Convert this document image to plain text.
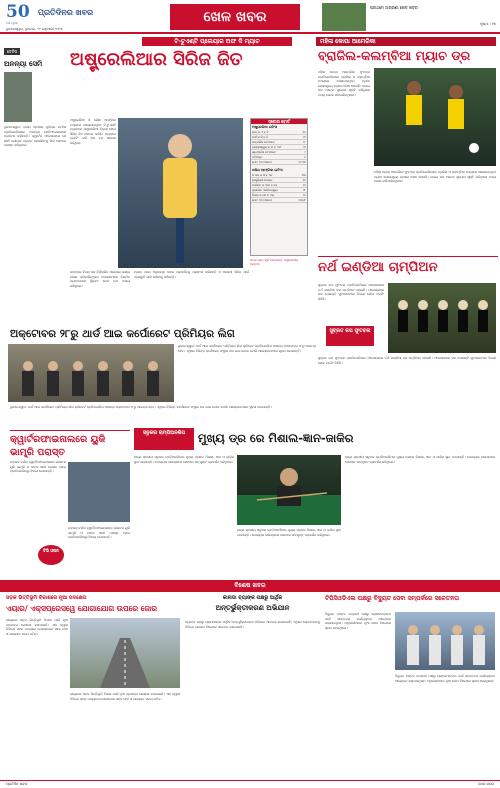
50
ବର୍ଷ ପୂରଣ
ପ୍ରତିଦିନର ଖବର
ଭୁବନେଶ୍ୱର, ବୁଧବାର, ୨୯ ଜାନୁଆରୀ ୨୦୨୫
ଖେଳ ଖବର
ପ୍ରଥମେ ଅଗ୍ରଣୀ ଖେଳ ଖବର
ପୃଷ୍ଠା : ୧୫
ଟେନିସ
ଅନନ୍ୟା ସେମି
ଭୁବନେଶ୍ୱର: ରାଜ୍ୟ ସ୍ତରୀୟ ଜୁନିୟର ଟେନିସ ପ୍ରତିଯୋଗିତାରେ ଅନନ୍ୟା ସେମିଫାଇନାଲରେ ପ୍ରବେଶ କରିଛନ୍ତି। କ୍ୱାର୍ଟର ଫାଇନାଲରେ ସେ ଶୀର୍ଷ ବରୀୟତା ପ୍ରାପ୍ତ ଖେଳାଳିଙ୍କୁ ସିଧା ସେଟରେ ପରାସ୍ତ କରିଥିଲେ।
ଟି-ଟୁଏଣ୍ଟି ପ୍ଲେୟାର ଅଫ ଦି ମ୍ୟାଚ
ଅଷ୍ଟ୍ରେଲିଆର ସିରିଜ ଜିତ
ଅଷ୍ଟ୍ରେଲିଆ ଓ ଦକ୍ଷିଣ ଆଫ୍ରିକା ମଧ୍ୟରେ ଖେଳାଯାଇଥିବା ଟି-ଟୁଏଣ୍ଟି ମ୍ୟାଚରେ ଅଷ୍ଟ୍ରେଲିଆ ବିଜୟୀ ହୋଇ ସିରିଜ ନିଜ ନାମରେ କରିଛି। ପ୍ରଥମେ ବ୍ୟାଟିଂ କରି ଦଳ ବଡ଼ ସ୍କୋର ଗଢ଼ିଥିଲା।
ଜବାବରେ ବିପକ୍ଷ ଦଳ ନିର୍ଦ୍ଧାରିତ ଓଭରରେ ଲକ୍ଷ୍ୟ ହାସଲ କରିପାରିନଥିଲା। ବୋଲରମାନେ ନିୟମିତ ବ୍ୟବଧାନରେ ୱିକେଟ ନେଇ ଚାପ ବଜାୟ ରଖିଥିଲେ।
ମ୍ୟାଚ ପରେ ଅଧିନାୟକ ଦଳର ପ୍ରଦର୍ଶନକୁ ପ୍ରଶଂସା କରିଛନ୍ତି ଓ ଆଗାମୀ ସିରିଜ ପାଇଁ ପ୍ରସ୍ତୁତି ଜାରି ରଖିବାକୁ କହିଛନ୍ତି।
ଶତକ ପରେ ଖୁସି ମନାଉଛନ୍ତି ଅଷ୍ଟ୍ରେଲୀୟ ବ୍ୟାଟର
ସ୍କୋର ବୋର୍ଡ
ଅଷ୍ଟ୍ରେଲିଆ ଇନିଂସ
ହେଡ୍ କ ଏ ବ ବି	୪୫
ମାର୍ଶ କ ସି ବ ଡି	୧୨
ଇଙ୍ଗଲିସ ନଟଆଉଟ	୮୮
ମ୍ୟାକ୍ସୱେଲ କ ଇ ବ ଏଫ	୨୧
ଷ୍ଟୋଇନିସ ନଟଆଉଟ	୯
ଅତିରିକ୍ତ	୭
ମୋଟ (୨୦ ଓଭର)	୧୮୨/୩
ଦକ୍ଷିଣ ଆଫ୍ରିକା ଇନିଂସ
ଡି କକ କ ଜି ବ ଏଚ	୩୦
ହେଣ୍ଡ୍ରିକ୍ସ ବୋଲ୍ଡ	୧୫
ମାର୍କରାମ କ ଆଇ ବ ଜେ	୪୨
କ୍ଲାସେନ ଏଲବିଡବ୍ଲ୍ୟୁ	୧୮
ମିଲର କ କେ ବ ଏଲ	୨୫
ମୋଟ (୨୦ ଓଭର)	୧୬୦/୮
ମହିଳା କୋପା ଆମେରିକା
ବ୍ରାଜିଲ-କଲମ୍ବିଆ ମ୍ୟାଚ ଡ୍ର
ମହିଳା କୋପା ଆମେରିକା ଫୁଟବଲ ପ୍ରତିଯୋଗିତାରେ ବ୍ରାଜିଲ ଓ କଲମ୍ବିଆ ମଧ୍ୟରେ ଖେଳାଯାଇଥିବା ମ୍ୟାଚ ଗୋଲଶୂନ୍ୟ ଡ୍ରରେ ଶେଷ ହୋଇଛି। ଉଭୟ ଦଳ ଅନେକ ସୁଯୋଗ ସୃଷ୍ଟି କରିଥିଲେ ମଧ୍ୟ ଗୋଲ କରିପାରିନଥିଲେ।
ମହିଳା କୋପା ଆମେରିକା ଫୁଟବଲ ପ୍ରତିଯୋଗିତାରେ ବ୍ରାଜିଲ ଓ କଲମ୍ବିଆ ମଧ୍ୟରେ ଖେଳାଯାଇଥିବା ମ୍ୟାଚ ଗୋଲଶୂନ୍ୟ ଡ୍ରରେ ଶେଷ ହୋଇଛି। ଉଭୟ ଦଳ ଅନେକ ସୁଯୋଗ ସୃଷ୍ଟି କରିଥିଲେ ମଧ୍ୟ ଗୋଲ କରିପାରିନଥିଲେ।
ନର୍ଥ ଇଣ୍ଡିଆ ଚାମ୍ପିଅନ
ସୁବ୍ରତ କପ ଫୁଟବଲ ପ୍ରତିଯୋଗିତାର ଫାଇନାଲରେ ନର୍ଥ ଇଣ୍ଡିଆ ଦଳ ଚାମ୍ପିଅନ ହୋଇଛି। ଫାଇନାଲରେ ଦଳ ପେନାଲ୍ଟି ସୁଟଆଉଟରେ ବିଜୟୀ ହୋଇ ଟ୍ରଫି ଜିତିଛି।
ସୁବ୍ରତ କପ ଫୁଟବଲ
ସୁବ୍ରତ କପ ଫୁଟବଲ ପ୍ରତିଯୋଗିତାର ଫାଇନାଲରେ ନର୍ଥ ଇଣ୍ଡିଆ ଦଳ ଚାମ୍ପିଅନ ହୋଇଛି। ଫାଇନାଲରେ ଦଳ ପେନାଲ୍ଟି ସୁଟଆଉଟରେ ବିଜୟୀ ହୋଇ ଟ୍ରଫି ଜିତିଛି।
ଅକ୍ଟୋବର ୨୮ରୁ ଥାର୍ଡ ଆଇ କର୍ପୋରେଟ ପ୍ରିମିୟର ଲିଗ
ଭୁବନେଶ୍ୱର: ଥାର୍ଡ ଆଇ କର୍ପୋରେଟ ପ୍ରିମିୟର ଲିଗ କ୍ରିକେଟ ପ୍ରତିଯୋଗିତା ଆସନ୍ତା ଅକ୍ଟୋବର ୨୮ରୁ ଆରମ୍ଭ ହେବ। ଏଥିରେ ବିଭିନ୍ନ କର୍ପୋରେଟ ସଂସ୍ଥାର ଦଳ ଭାଗ ନେବେ ବୋଲି ଆୟୋଜକମାନେ ସୂଚନା ଦେଇଛନ୍ତି।
ଭୁବନେଶ୍ୱର: ଥାର୍ଡ ଆଇ କର୍ପୋରେଟ ପ୍ରିମିୟର ଲିଗ କ୍ରିକେଟ ପ୍ରତିଯୋଗିତା ଆସନ୍ତା ଅକ୍ଟୋବର ୨୮ରୁ ଆରମ୍ଭ ହେବ। ଏଥିରେ ବିଭିନ୍ନ କର୍ପୋରେଟ ସଂସ୍ଥାର ଦଳ ଭାଗ ନେବେ ବୋଲି ଆୟୋଜକମାନେ ସୂଚନା ଦେଇଛନ୍ତି।
କ୍ୱାର୍ଟରଫାଇନାଲରେ ୟୁକି ଭାମ୍ବ୍ରି ପରାସ୍ତ
ଡବଲସ ବର୍ଗର କ୍ୱାର୍ଟରଫାଇନାଲରେ ଭାରତର ୟୁକି ଭାମ୍ବ୍ରି ଓ ତାଙ୍କ ସାଥୀ ପରାସ୍ତ ହୋଇ ପ୍ରତିଯୋଗିତାରୁ ବିଦାୟ ନେଇଛନ୍ତି।
ଟିଭି ଓପନ
ଡବଲସ ବର୍ଗର କ୍ୱାର୍ଟରଫାଇନାଲରେ ଭାରତର ୟୁକି ଭାମ୍ବ୍ରି ଓ ତାଙ୍କ ସାଥୀ ପରାସ୍ତ ହୋଇ ପ୍ରତିଯୋଗିତାରୁ ବିଦାୟ ନେଇଛନ୍ତି।
ସ୍ନୁକର ଚାମ୍ପିଅନଶିପ	ମୁଖ୍ୟ ଡ୍ର ରେ ମିଶାଲ-ଜ୍ଞାନ-ଜାକିର
ରାଜ୍ୟ ସ୍ତରୀୟ ସ୍ନୁକର ଚାମ୍ପିଅନଶିପର ମୁଖ୍ୟ ଡ୍ରରେ ମିଶାଲ, ଜ୍ଞାନ ଓ ଜାକିର ସ୍ଥାନ ପାଇଛନ୍ତି। ଯୋଗ୍ୟତା ରାଉଣ୍ଡରେ ସେମାନେ ଉତ୍କୃଷ୍ଟ ପ୍ରଦର୍ଶନ କରିଥିଲେ।
ରାଜ୍ୟ ସ୍ତରୀୟ ସ୍ନୁକର ଚାମ୍ପିଅନଶିପର ମୁଖ୍ୟ ଡ୍ରରେ ମିଶାଲ, ଜ୍ଞାନ ଓ ଜାକିର ସ୍ଥାନ ପାଇଛନ୍ତି। ଯୋଗ୍ୟତା ରାଉଣ୍ଡରେ ସେମାନେ ଉତ୍କୃଷ୍ଟ ପ୍ରଦର୍ଶନ କରିଥିଲେ।
ରାଜ୍ୟ ସ୍ତରୀୟ ସ୍ନୁକର ଚାମ୍ପିଅନଶିପର ମୁଖ୍ୟ ଡ୍ରରେ ମିଶାଲ, ଜ୍ଞାନ ଓ ଜାକିର ସ୍ଥାନ ପାଇଛନ୍ତି। ଯୋଗ୍ୟତା ରାଉଣ୍ଡରେ ସେମାନେ ଉତ୍କୃଷ୍ଟ ପ୍ରଦର୍ଶନ କରିଥିଲେ।
ବିଶେଷ ଖବର
ସଡ଼କ ଭିତ୍ତିଭୂମି ବିକାଶରେ ନୂଆ ପଦକ୍ଷେପ
ଏୟାର/ ଏକ୍ସପ୍ରେସୱେ ଯୋଗାଯୋଗ ଉପରେ ଜୋର
ରାଜ୍ୟରେ ସଡ଼କ ଭିତ୍ତିଭୂମି ବିକାଶ ପାଇଁ ନୂଆ ପ୍ରକଳ୍ପ ଘୋଷଣା କରାଯାଇଛି। ଏହା ଦ୍ୱାରା ବିଭିନ୍ନ ସହର ମଧ୍ୟରେ ଯୋଗାଯୋଗ ସହଜ ହେବ ଓ ଯାତାୟାତ ସମୟ କମିବ।
ରାଜ୍ୟରେ ସଡ଼କ ଭିତ୍ତିଭୂମି ବିକାଶ ପାଇଁ ନୂଆ ପ୍ରକଳ୍ପ ଘୋଷଣା କରାଯାଇଛି। ଏହା ଦ୍ୱାରା ବିଭିନ୍ନ ସହର ମଧ୍ୟରେ ଯୋଗାଯୋଗ ସହଜ ହେବ ଓ ଯାତାୟାତ ସମୟ କମିବ।
କାନାଡା ବ୍ୟାଙ୍କ ପକ୍ଷରୁ ଆର୍ଥିକ
ଅନ୍ତର୍ଭୁକ୍ତୀକରଣ ଅଭିଯାନ
ବ୍ୟାଙ୍କ ପକ୍ଷରୁ ଗ୍ରାମାଞ୍ଚଳରେ ଆର୍ଥିକ ଅନ୍ତର୍ଭୁକ୍ତୀକରଣ ଅଭିଯାନ ଆରମ୍ଭ କରାଯାଇଛି। ଏଥିରେ ଲୋକମାନଙ୍କୁ ବିଭିନ୍ନ ଯୋଜନା ବିଷୟରେ ସଚେତନ କରାଯାଉଛି।
ଟିପିସିଓଡିଏଲ ପକ୍ଷରୁ ବିଦ୍ୟୁତ ସେବା ସମ୍ପର୍କରେ ସଚେତନତା
ବିଦ୍ୟୁତ ବଣ୍ଟନ କମ୍ପାନୀ ପକ୍ଷରୁ ଗ୍ରାହକମାନଙ୍କ ପାଇଁ ସଚେତନତା କାର୍ଯ୍ୟକ୍ରମ ଆୟୋଜନ କରାଯାଇଥିଲା। ଅଧିକାରୀମାନେ ନୂଆ ସେବା ବିଷୟରେ ସୂଚନା ଦେଇଥିଲେ।
ବିଦ୍ୟୁତ ବଣ୍ଟନ କମ୍ପାନୀ ପକ୍ଷରୁ ଗ୍ରାହକମାନଙ୍କ ପାଇଁ ସଚେତନତା କାର୍ଯ୍ୟକ୍ରମ ଆୟୋଜନ କରାଯାଇଥିଲା। ଅଧିକାରୀମାନେ ନୂଆ ସେବା ବିଷୟରେ ସୂଚନା ଦେଇଥିଲେ।
ପ୍ରତିଦିନ ଖବର	ଖେଳ ଖବର
